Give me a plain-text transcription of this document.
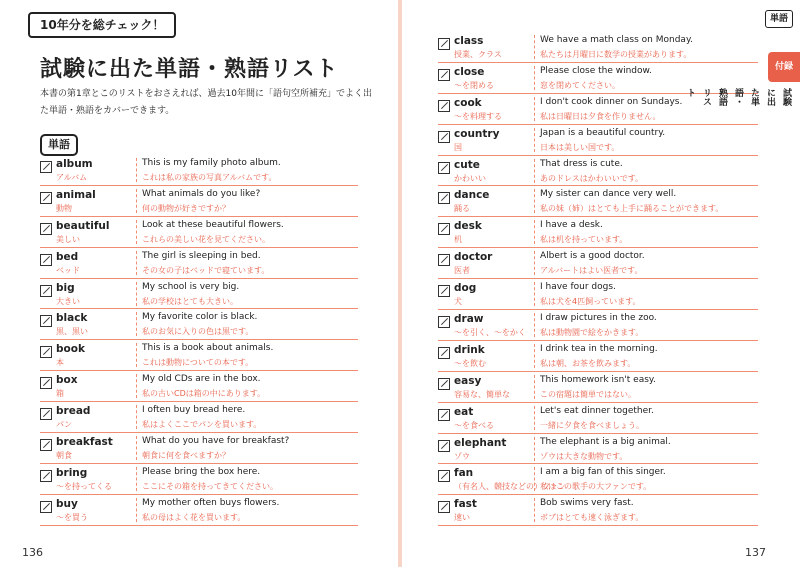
10年分を総チェック！
試験に出た単語・熟語リスト
本書の第1章とこのリストをおさえれば、過去10年間に「語句空所補充」でよく出た単語・熟語をカバーできます。
単語
album
アルバム
This is my family photo album.
これは私の家族の写真アルバムです。
animal
動物
What animals do you like?
何の動物が好きですか？
beautiful
美しい
Look at these beautiful flowers.
これらの美しい花を見てください。
bed
ベッド
The girl is sleeping in bed.
その女の子はベッドで寝ています。
big
大きい
My school is very big.
私の学校はとても大きい。
black
黒、黒い
My favorite color is black.
私のお気に入りの色は黒です。
book
本
This is a book about animals.
これは動物についての本です。
box
箱
My old CDs are in the box.
私の古いCDは箱の中にあります。
bread
パン
I often buy bread here.
私はよくここでパンを買います。
breakfast
朝食
What do you have for breakfast?
朝食に何を食べますか？
bring
～を持ってくる
Please bring the box here.
ここにその箱を持ってきてください。
buy
～を買う
My mother often buys flowers.
私の母はよく花を買います。
136
class
授業、クラス
We have a math class on Monday.
私たちは月曜日に数学の授業があります。
close
～を閉める
Please close the window.
窓を閉めてください。
cook
～を料理する
I don't cook dinner on Sundays.
私は日曜日は夕食を作りません。
country
国
Japan is a beautiful country.
日本は美しい国です。
cute
かわいい
That dress is cute.
あのドレスはかわいいです。
dance
踊る
My sister can dance very well.
私の妹（姉）はとても上手に踊ることができます。
desk
机
I have a desk.
私は机を持っています。
doctor
医者
Albert is a good doctor.
アルバートはよい医者です。
dog
犬
I have four dogs.
私は犬を4匹飼っています。
draw
～を引く、～をかく
I draw pictures in the zoo.
私は動物園で絵をかきます。
drink
～を飲む
I drink tea in the morning.
私は朝、お茶を飲みます。
easy
容易な、簡単な
This homework isn't easy.
この宿題は簡単ではない。
eat
～を食べる
Let's eat dinner together.
一緒に夕食を食べましょう。
elephant
ゾウ
The elephant is a big animal.
ゾウは大きな動物です。
fan
（有名人、競技などの）ファン
I am a big fan of this singer.
私はこの歌手の大ファンです。
fast
速い
Bob swims very fast.
ボブはとても速く泳ぎます。
単語
付録
試験に出た単語・熟語リスト
137
